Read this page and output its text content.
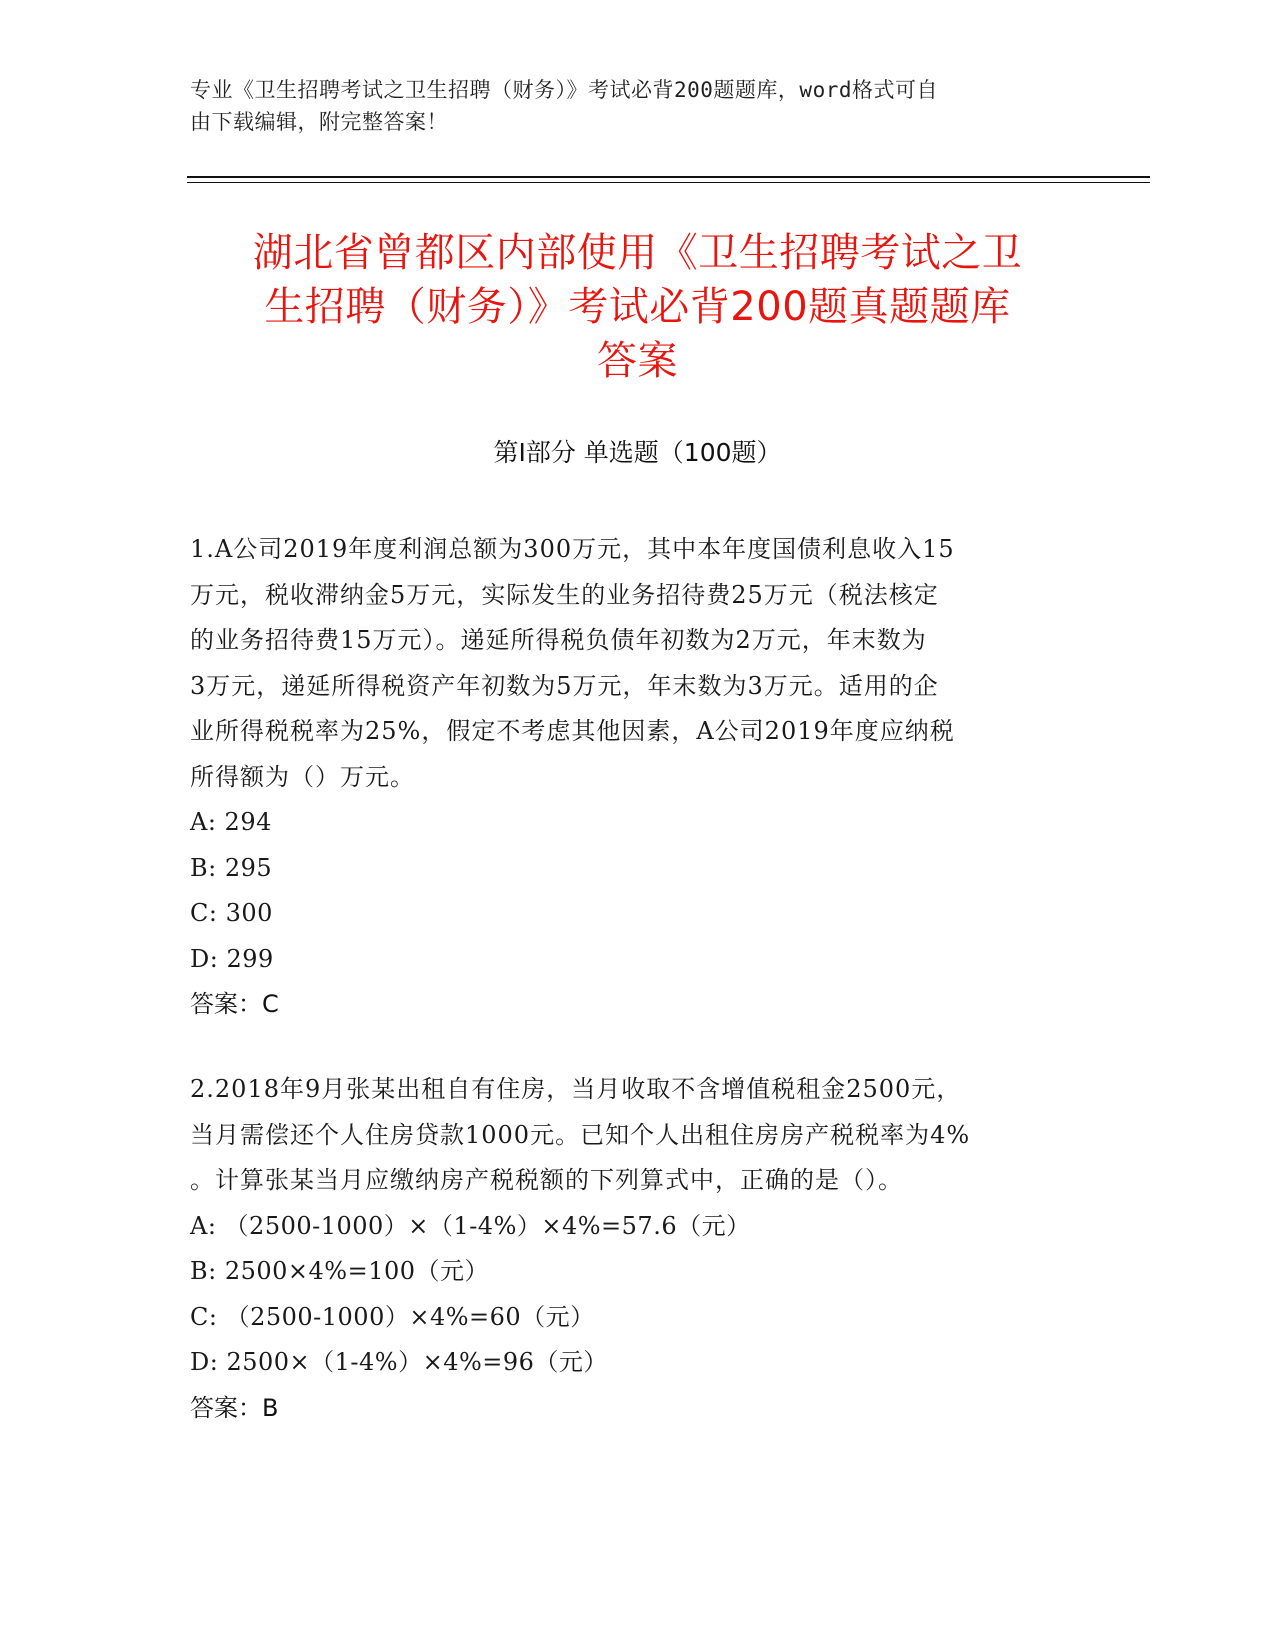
专业《卫生招聘考试之卫生招聘（财务）》考试必背200题题库，word格式可自
由下载编辑，附完整答案！
湖北省曾都区内部使用《卫生招聘考试之卫
生招聘（财务）》考试必背200题真题题库
答案
第I部分 单选题（100题）

1.A公司2019年度利润总额为300万元，其中本年度国债利息收入15

万元，税收滞纳金5万元，实际发生的业务招待费25万元（税法核定

的业务招待费15万元）。递延所得税负债年初数为2万元，年末数为

3万元，递延所得税资产年初数为5万元，年末数为3万元。适用的企

业所得税税率为25%，假定不考虑其他因素，A公司2019年度应纳税

所得额为（）万元。

A: 294

B: 295

C: 300

D: 299

答案：C

2.2018年9月张某出租自有住房，当月收取不含增值税租金2500元，

当月需偿还个人住房贷款1000元。已知个人出租住房房产税税率为4%

。计算张某当月应缴纳房产税税额的下列算式中，正确的是（）。

A: （2500-1000）×（1-4%）×4%=57.6（元）

B: 2500×4%=100（元）

C: （2500-1000）×4%=60（元）

D: 2500×（1-4%）×4%=96（元）

答案：B
